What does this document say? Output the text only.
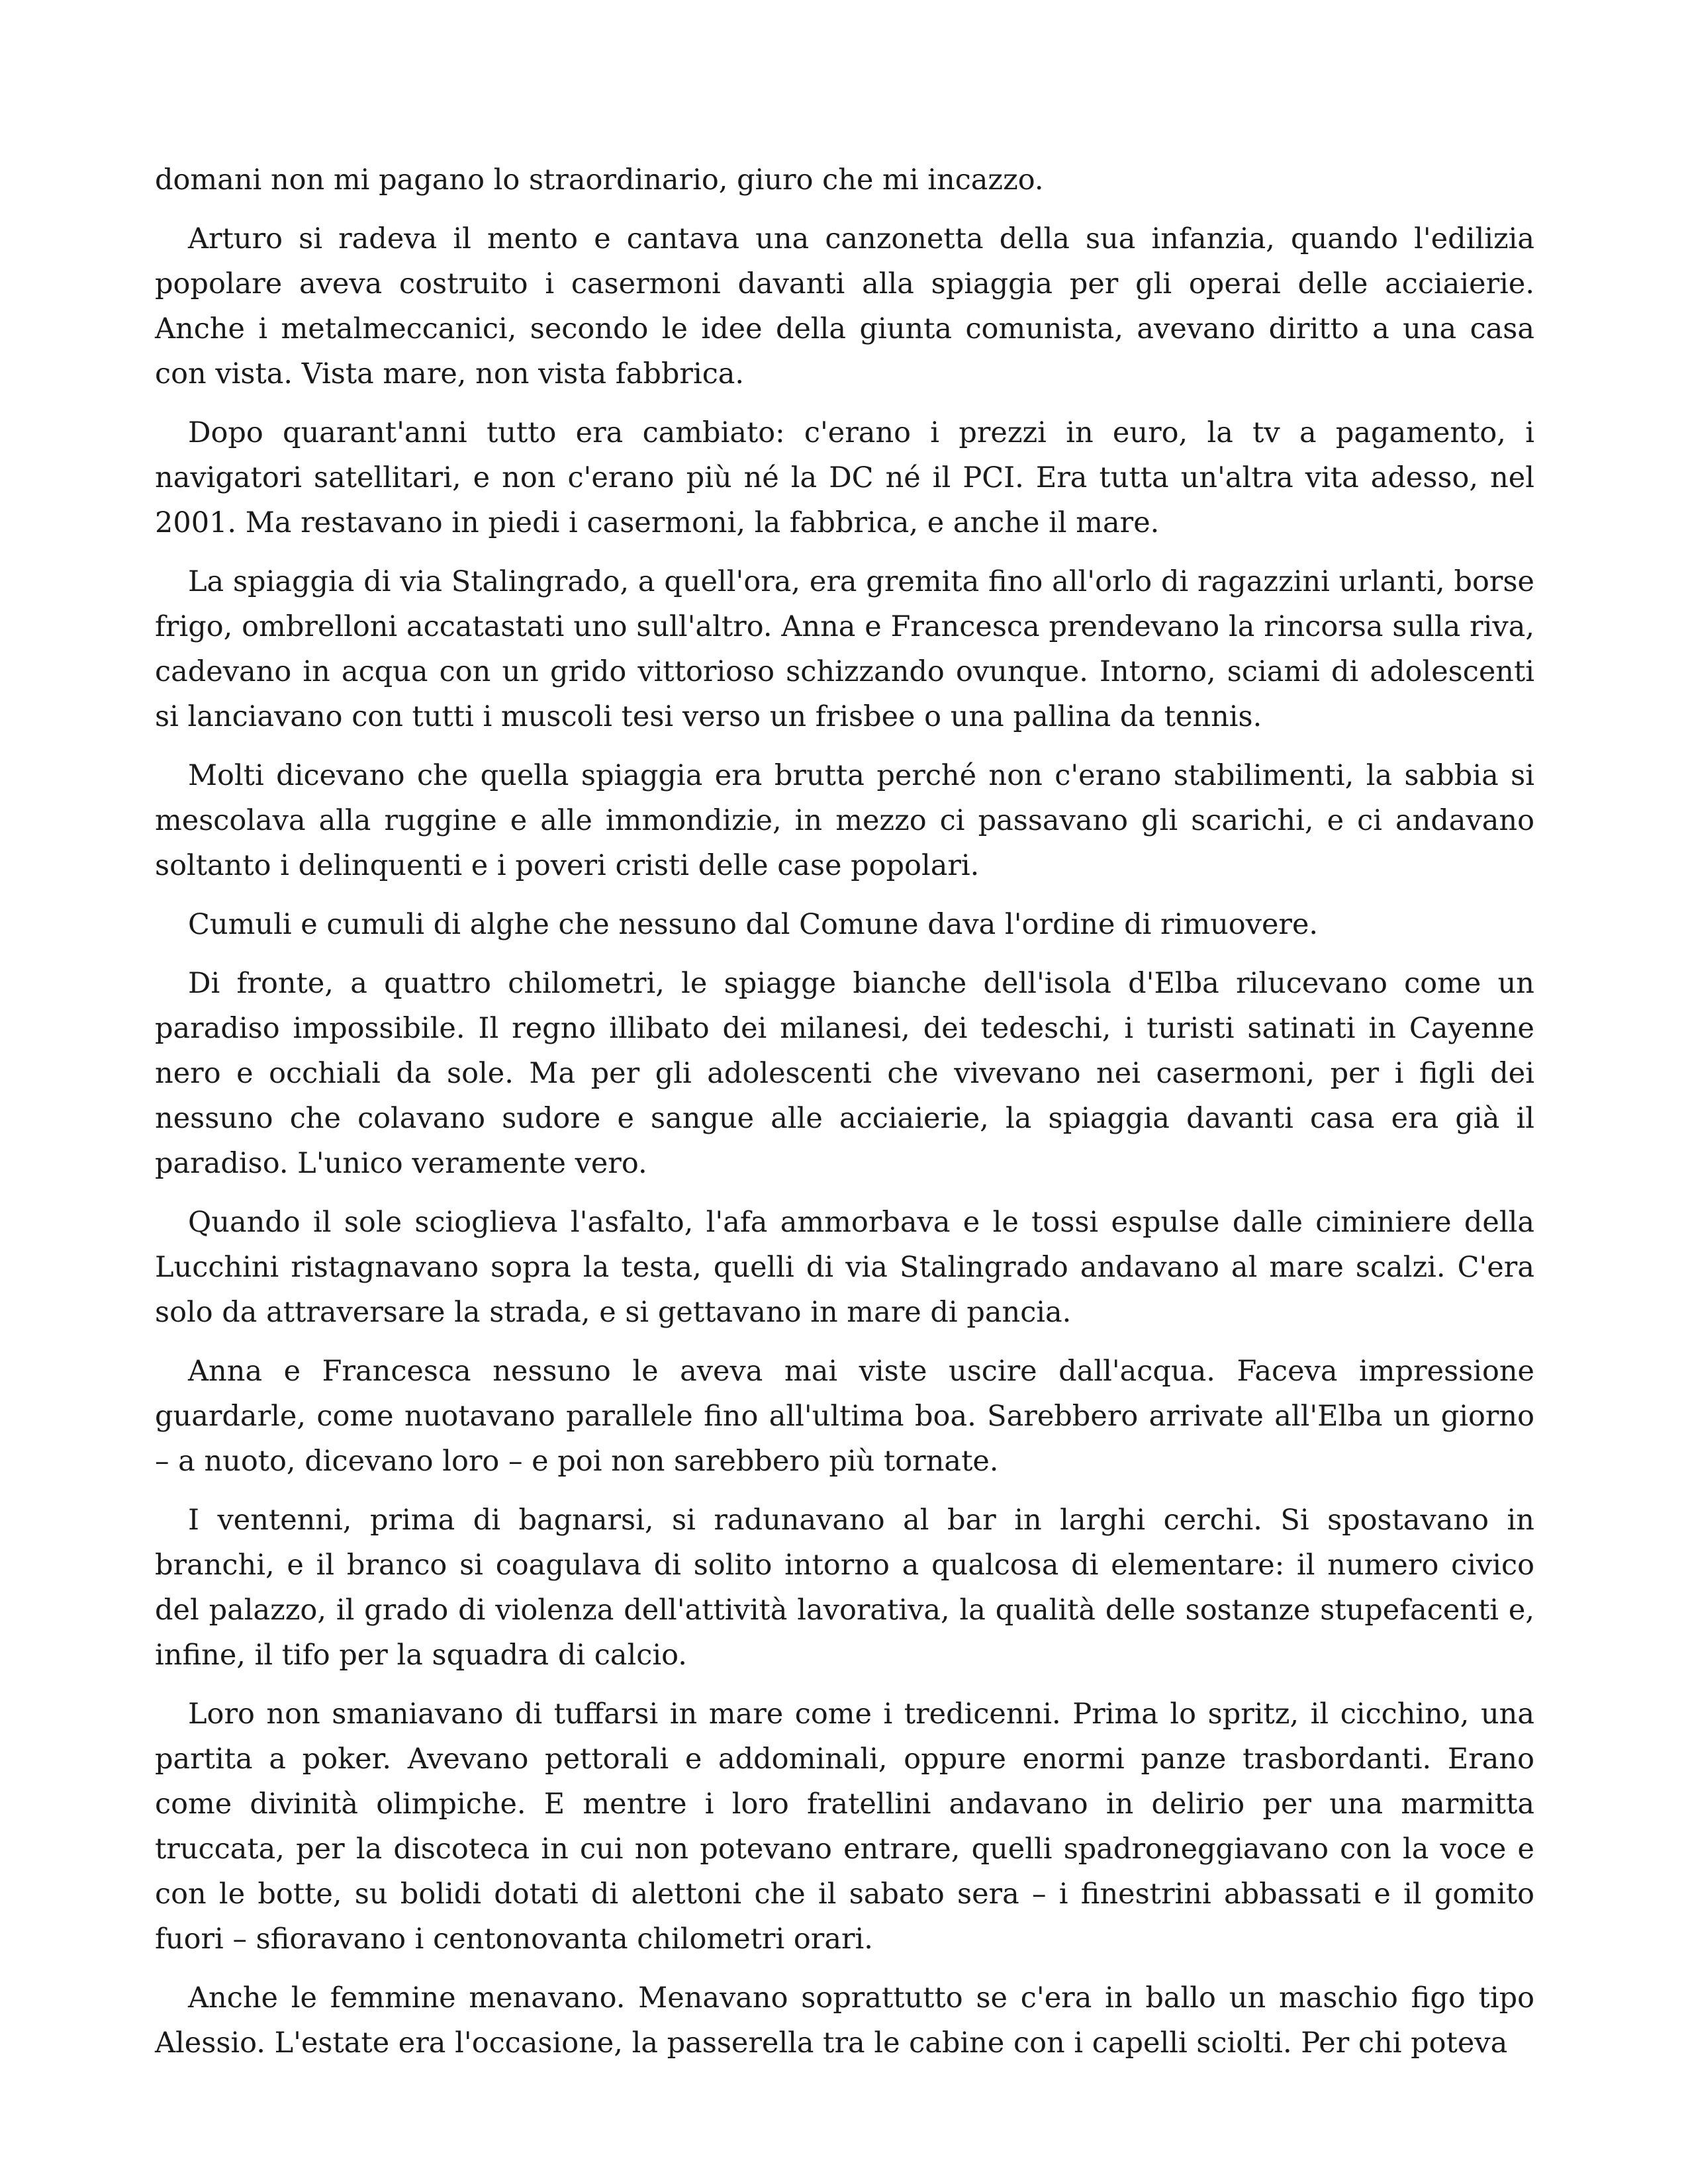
domani non mi pagano lo straordinario, giuro che mi incazzo.

Arturo si radeva il mento e cantava una canzonetta della sua infanzia, quando l'edilizia popolare aveva costruito i casermoni davanti alla spiaggia per gli operai delle acciaierie. Anche i metalmeccanici, secondo le idee della giunta comunista, avevano diritto a una casa con vista. Vista mare, non vista fabbrica.

Dopo quarant'anni tutto era cambiato: c'erano i prezzi in euro, la tv a pagamento, i navigatori satellitari, e non c'erano più né la DC né il PCI. Era tutta un'altra vita adesso, nel 2001. Ma restavano in piedi i casermoni, la fabbrica, e anche il mare.

La spiaggia di via Stalingrado, a quell'ora, era gremita fino all'orlo di ragazzini urlanti, borse frigo, ombrelloni accatastati uno sull'altro. Anna e Francesca prendevano la rincorsa sulla riva, cadevano in acqua con un grido vittorioso schizzando ovunque. Intorno, sciami di adolescenti si lanciavano con tutti i muscoli tesi verso un frisbee o una pallina da tennis.

Molti dicevano che quella spiaggia era brutta perché non c'erano stabilimenti, la sabbia si mescolava alla ruggine e alle immondizie, in mezzo ci passavano gli scarichi, e ci andavano soltanto i delinquenti e i poveri cristi delle case popolari.

Cumuli e cumuli di alghe che nessuno dal Comune dava l'ordine di rimuovere.

Di fronte, a quattro chilometri, le spiagge bianche dell'isola d'Elba rilucevano come un paradiso impossibile. Il regno illibato dei milanesi, dei tedeschi, i turisti satinati in Cayenne nero e occhiali da sole. Ma per gli adolescenti che vivevano nei casermoni, per i figli dei nessuno che colavano sudore e sangue alle acciaierie, la spiaggia davanti casa era già il paradiso. L'unico veramente vero.

Quando il sole scioglieva l'asfalto, l'afa ammorbava e le tossi espulse dalle ciminiere della Lucchini ristagnavano sopra la testa, quelli di via Stalingrado andavano al mare scalzi. C'era solo da attraversare la strada, e si gettavano in mare di pancia.

Anna e Francesca nessuno le aveva mai viste uscire dall'acqua. Faceva impressione guardarle, come nuotavano parallele fino all'ultima boa. Sarebbero arrivate all'Elba un giorno – a nuoto, dicevano loro – e poi non sarebbero più tornate.

I ventenni, prima di bagnarsi, si radunavano al bar in larghi cerchi. Si spostavano in branchi, e il branco si coagulava di solito intorno a qualcosa di elementare: il numero civico del palazzo, il grado di violenza dell'attività lavorativa, la qualità delle sostanze stupefacenti e, infine, il tifo per la squadra di calcio.

Loro non smaniavano di tuffarsi in mare come i tredicenni. Prima lo spritz, il cicchino, una partita a poker. Avevano pettorali e addominali, oppure enormi panze trasbordanti. Erano come divinità olimpiche. E mentre i loro fratellini andavano in delirio per una marmitta truccata, per la discoteca in cui non potevano entrare, quelli spadroneggiavano con la voce e con le botte, su bolidi dotati di alettoni che il sabato sera – i finestrini abbassati e il gomito fuori – sfioravano i centonovanta chilometri orari.

Anche le femmine menavano. Menavano soprattutto se c'era in ballo un maschio figo tipo Alessio. L'estate era l'occasione, la passerella tra le cabine con i capelli sciolti. Per chi poteva
